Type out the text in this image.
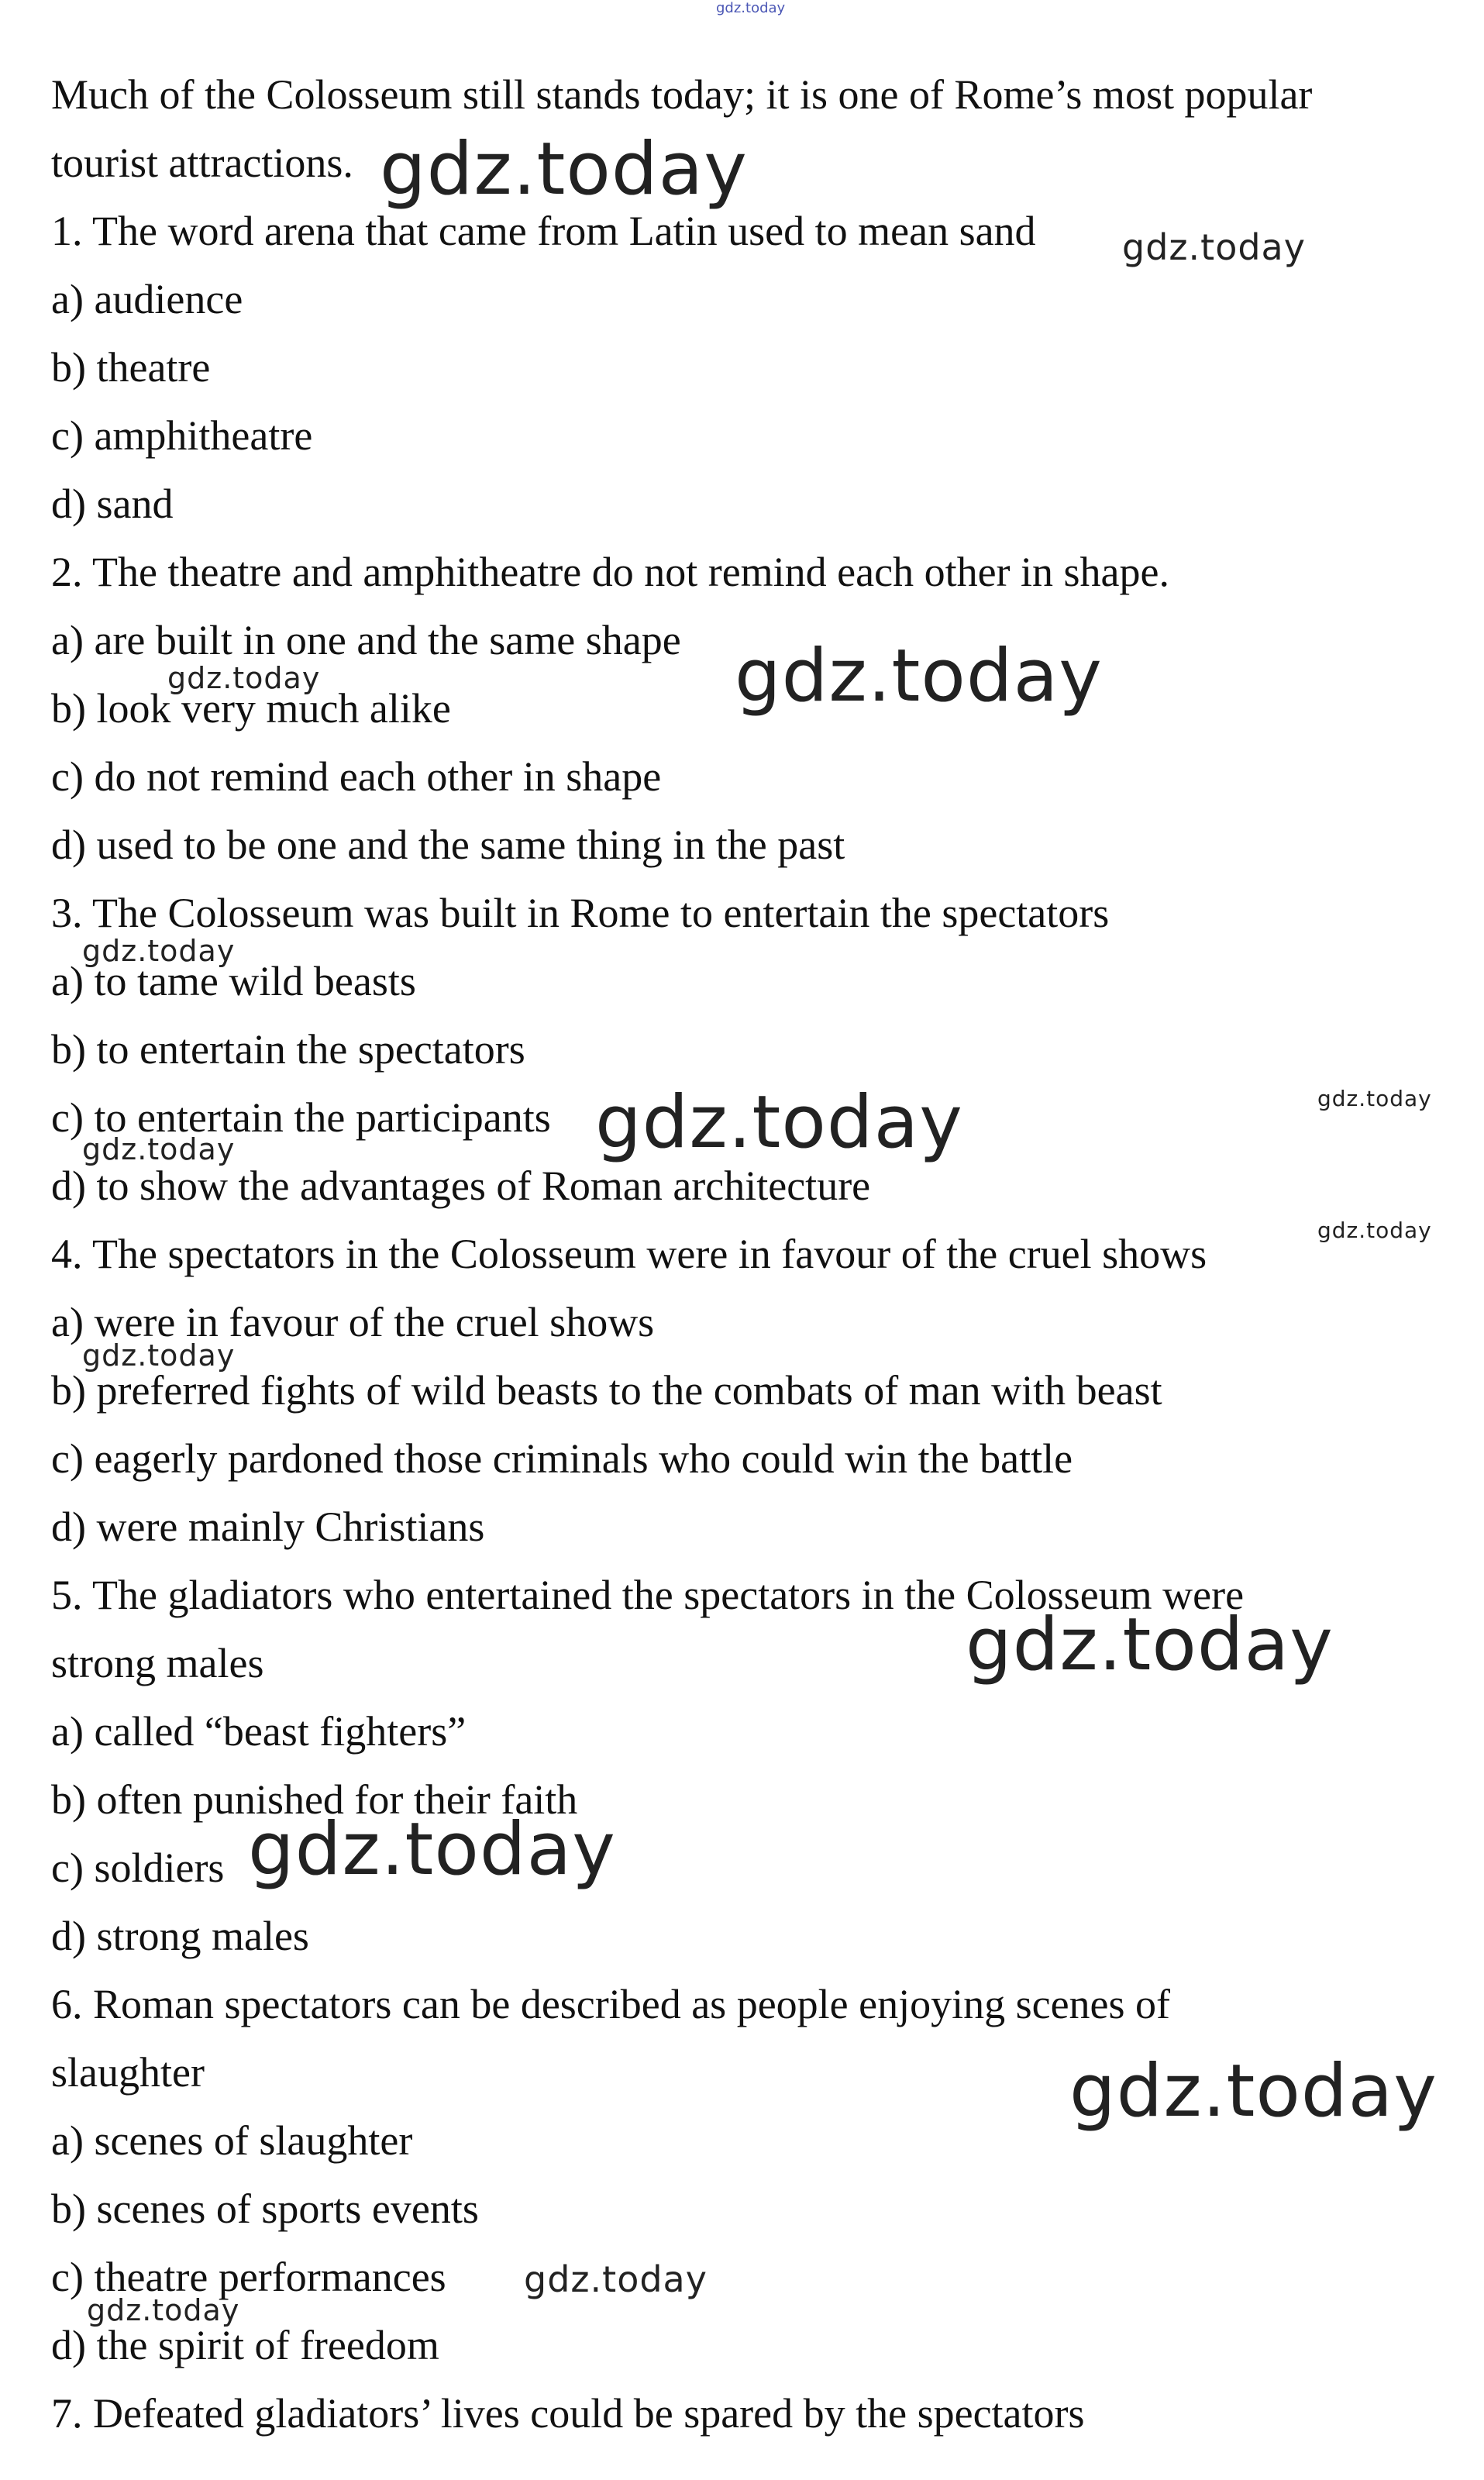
gdz.today
Much of the Colosseum still stands today; it is one of Rome’s most popular
tourist attractions.
1. The word arena that came from Latin used to mean sand
a) audience
b) theatre
c) amphitheatre
d) sand
2. The theatre and amphitheatre do not remind each other in shape.
a) are built in one and the same shape
b) look very much alike
c) do not remind each other in shape
d) used to be one and the same thing in the past
3. The Colosseum was built in Rome to entertain the spectators
a) to tame wild beasts
b) to entertain the spectators
c) to entertain the participants
d) to show the advantages of Roman architecture
4. The spectators in the Colosseum were in favour of the cruel shows
a) were in favour of the cruel shows
b) preferred fights of wild beasts to the combats of man with beast
c) eagerly pardoned those criminals who could win the battle
d) were mainly Christians
5. The gladiators who entertained the spectators in the Colosseum were
strong males
a) called “beast fighters”
b) often punished for their faith
c) soldiers
d) strong males
6. Roman spectators can be described as people enjoying scenes of
slaughter
a) scenes of slaughter
b) scenes of sports events
c) theatre performances
d) the spirit of freedom
7. Defeated gladiators’ lives could be spared by the spectators
gdz.today
gdz.today
gdz.today
gdz.today
gdz.today
gdz.today	gdz.today
gdz.today
gdz.today
gdz.today
gdz.today
gdz.today
gdz.today
gdz.today
gdz.today
